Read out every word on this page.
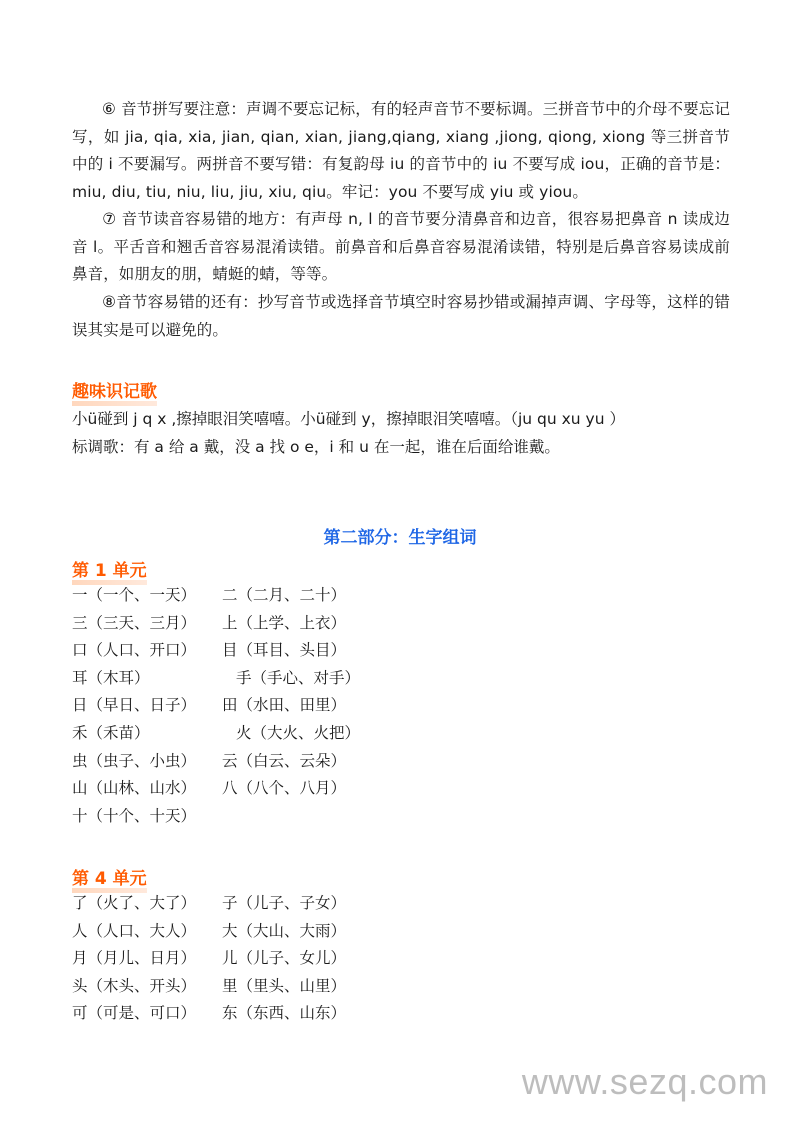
⑥ 音节拼写要注意：声调不要忘记标，有的轻声音节不要标调。三拼音节中的介母不要忘记写，如 jia, qia, xia, jian, qian, xian, jiang,qiang, xiang ,jiong, qiong, xiong 等三拼音节中的 i 不要漏写。两拼音不要写错：有复韵母 iu 的音节中的 iu 不要写成 iou，正确的音节是：miu, diu, tiu, niu, liu, jiu, xiu, qiu。牢记：you 不要写成 yiu 或 yiou。
⑦ 音节读音容易错的地方：有声母 n, l 的音节要分清鼻音和边音，很容易把鼻音 n 读成边音 l。平舌音和翘舌音容易混淆读错。前鼻音和后鼻音容易混淆读错，特别是后鼻音容易读成前鼻音，如朋友的朋，蜻蜓的蜻，等等。
⑧音节容易错的还有：抄写音节或选择音节填空时容易抄错或漏掉声调、字母等，这样的错误其实是可以避免的。
趣味识记歌
小ü碰到 j q x ,擦掉眼泪笑嘻嘻。小ü碰到 y，擦掉眼泪笑嘻嘻。（ju qu xu yu ）
标调歌：有 a 给 a 戴，没 a 找 o e，i 和 u 在一起，谁在后面给谁戴。
第二部分：生字组词
第 1 单元
一（一个、一天） 二（二月、二十）
三（三天、三月） 上（上学、上衣）
口（人口、开口） 目（耳目、头目）
耳（木耳）	手（手心、对手）
日（早日、日子） 田（水田、田里）
禾（禾苗）	火（大火、火把）
虫（虫子、小虫） 云（白云、云朵）
山（山林、山水） 八（八个、八月）
十（十个、十天）
第 4 单元
了（火了、大了） 子（儿子、子女）
人（人口、大人） 大（大山、大雨）
月（月儿、日月） 儿（儿子、女儿）
头（木头、开头） 里（里头、山里）
可（可是、可口） 东（东西、山东）
www.sezq.com
